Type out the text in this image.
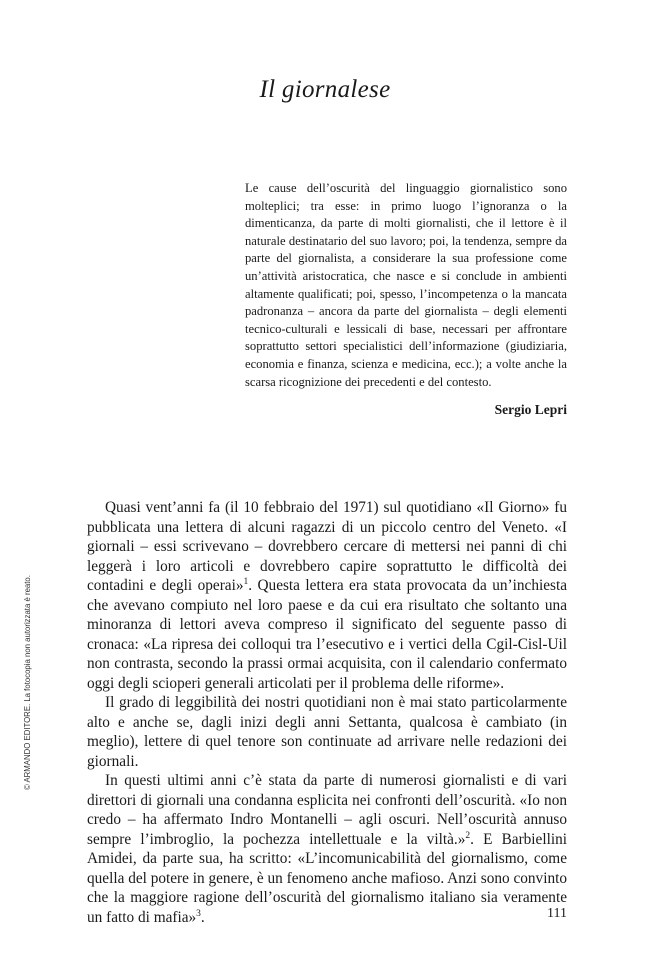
Il giornalese

Le cause dell’oscurità del linguaggio giornalistico sono molteplici; tra esse: in primo luogo l’ignoranza o la dimenticanza, da parte di molti giornalisti, che il lettore è il naturale destinatario del suo lavoro; poi, la tendenza, sempre da parte del giornalista, a considerare la sua professione come un’attività aristocratica, che nasce e si conclude in ambienti altamente qualificati; poi, spesso, l’incompetenza o la mancata padronanza – ancora da parte del giornalista – degli elementi tecnico-culturali e lessicali di base, necessari per affrontare soprattutto settori specialistici dell’informazione (giudiziaria, economia e finanza, scienza e medicina, ecc.); a volte anche la scarsa ricognizione dei precedenti e del contesto.

Sergio Lepri

Quasi vent’anni fa (il 10 febbraio del 1971) sul quotidiano «Il Giorno» fu pubblicata una lettera di alcuni ragazzi di un piccolo centro del Veneto. «I giornali – essi scrivevano – dovrebbero cercare di mettersi nei panni di chi leggerà i loro articoli e dovrebbero capire soprattutto le difficoltà dei contadini e degli operai»$^1$. Questa lettera era stata provocata da un’inchiesta che avevano compiuto nel loro paese e da cui era risultato che soltanto una minoranza di lettori aveva compreso il significato del seguente passo di cronaca: «La ripresa dei colloqui tra l’esecutivo e i vertici della Cgil-Cisl-Uil non contrasta, secondo la prassi ormai acquisita, con il calendario confermato oggi degli scioperi generali articolati per il problema delle riforme».

Il grado di leggibilità dei nostri quotidiani non è mai stato particolarmente alto e anche se, dagli inizi degli anni Settanta, qualcosa è cambiato (in meglio), lettere di quel tenore son continuate ad arrivare nelle redazioni dei giornali.

In questi ultimi anni c’è stata da parte di numerosi giornalisti e di vari direttori di giornali una condanna esplicita nei confronti dell’oscurità. «Io non credo – ha affermato Indro Montanelli – agli oscuri. Nell’oscurità annuso sempre l’imbroglio, la pochezza intellettuale e la viltà.»$^2$. E Barbiellini Amidei, da parte sua, ha scritto: «L’incomunicabilità del giornalismo, come quella del potere in genere, è un fenomeno anche mafioso. Anzi sono convinto che la maggiore ragione dell’oscurità del giornalismo italiano sia veramente un fatto di mafia»$^3$.

© ARMANDO EDITORE. La fotocopia non autorizzata è reato.

111
